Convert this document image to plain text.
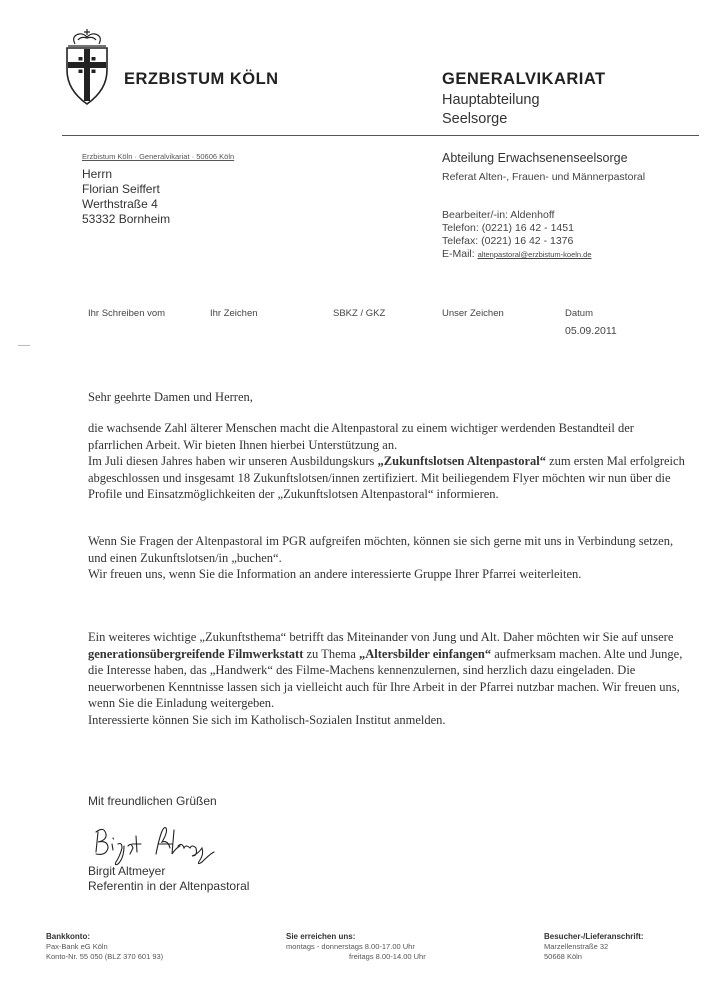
ERZBISTUM KÖLN	GENERALVIKARIAT
Hauptabteilung
Seelsorge
Erzbistum Köln · Generalvikariat · 50606 Köln
Herrn
Florian Seiffert
Werthstraße 4
53332 Bornheim
Abteilung Erwachsenenseelsorge
Referat Alten-, Frauen- und Männerpastoral
Bearbeiter/-in: Aldenhoff
Telefon: (0221) 16 42 - 1451
Telefax: (0221) 16 42 - 1376
E-Mail: altenpastoral@erzbistum-koeln.de
Ihr Schreiben vom	Ihr Zeichen	SBKZ / GKZ	Unser Zeichen	Datum
05.09.2011
Sehr geehrte Damen und Herren,

die wachsende Zahl älterer Menschen macht die Altenpastoral zu einem wichtiger werdenden Bestandteil der pfarrlichen Arbeit. Wir bieten Ihnen hierbei Unterstützung an.

Im Juli diesen Jahres haben wir unseren Ausbildungskurs „Zukunftslotsen Altenpastoral“ zum ersten Mal erfolgreich abgeschlossen und insgesamt 18 Zukunftslotsen/innen zertifiziert. Mit beiliegendem Flyer möchten wir nun über die Profile und Einsatzmöglichkeiten der „Zukunftslotsen Altenpastoral“ informieren.

Wenn Sie Fragen der Altenpastoral im PGR aufgreifen möchten, können sie sich gerne mit uns in Verbindung setzen, und einen Zukunftslotsen/in „buchen“.

Wir freuen uns, wenn Sie die Information an andere interessierte Gruppe Ihrer Pfarrei weiterleiten.

Ein weiteres wichtige „Zukunftsthema“ betrifft das Miteinander von Jung und Alt. Daher möchten wir Sie auf unsere generationsübergreifende Filmwerkstatt zu Thema „Altersbilder einfangen“ aufmerksam machen. Alte und Junge, die Interesse haben, das „Handwerk“ des Filme-Machens kennenzulernen, sind herzlich dazu eingeladen. Die neuerworbenen Kenntnisse lassen sich ja vielleicht auch für Ihre Arbeit in der Pfarrei nutzbar machen. Wir freuen uns, wenn Sie die Einladung weitergeben.

Interessierte können Sie sich im Katholisch-Sozialen Institut anmelden.

Mit freundlichen Grüßen
Birgit Altmeyer
Referentin in der Altenpastoral
Bankkonto:
Pax-Bank eG Köln
Konto-Nr. 55 050 (BLZ 370 601 93)
Sie erreichen uns:
montags - donnerstags 8.00-17.00 Uhr
freitags 8.00-14.00 Uhr
Besucher-/Lieferanschrift:
Marzellenstraße 32
50668 Köln
